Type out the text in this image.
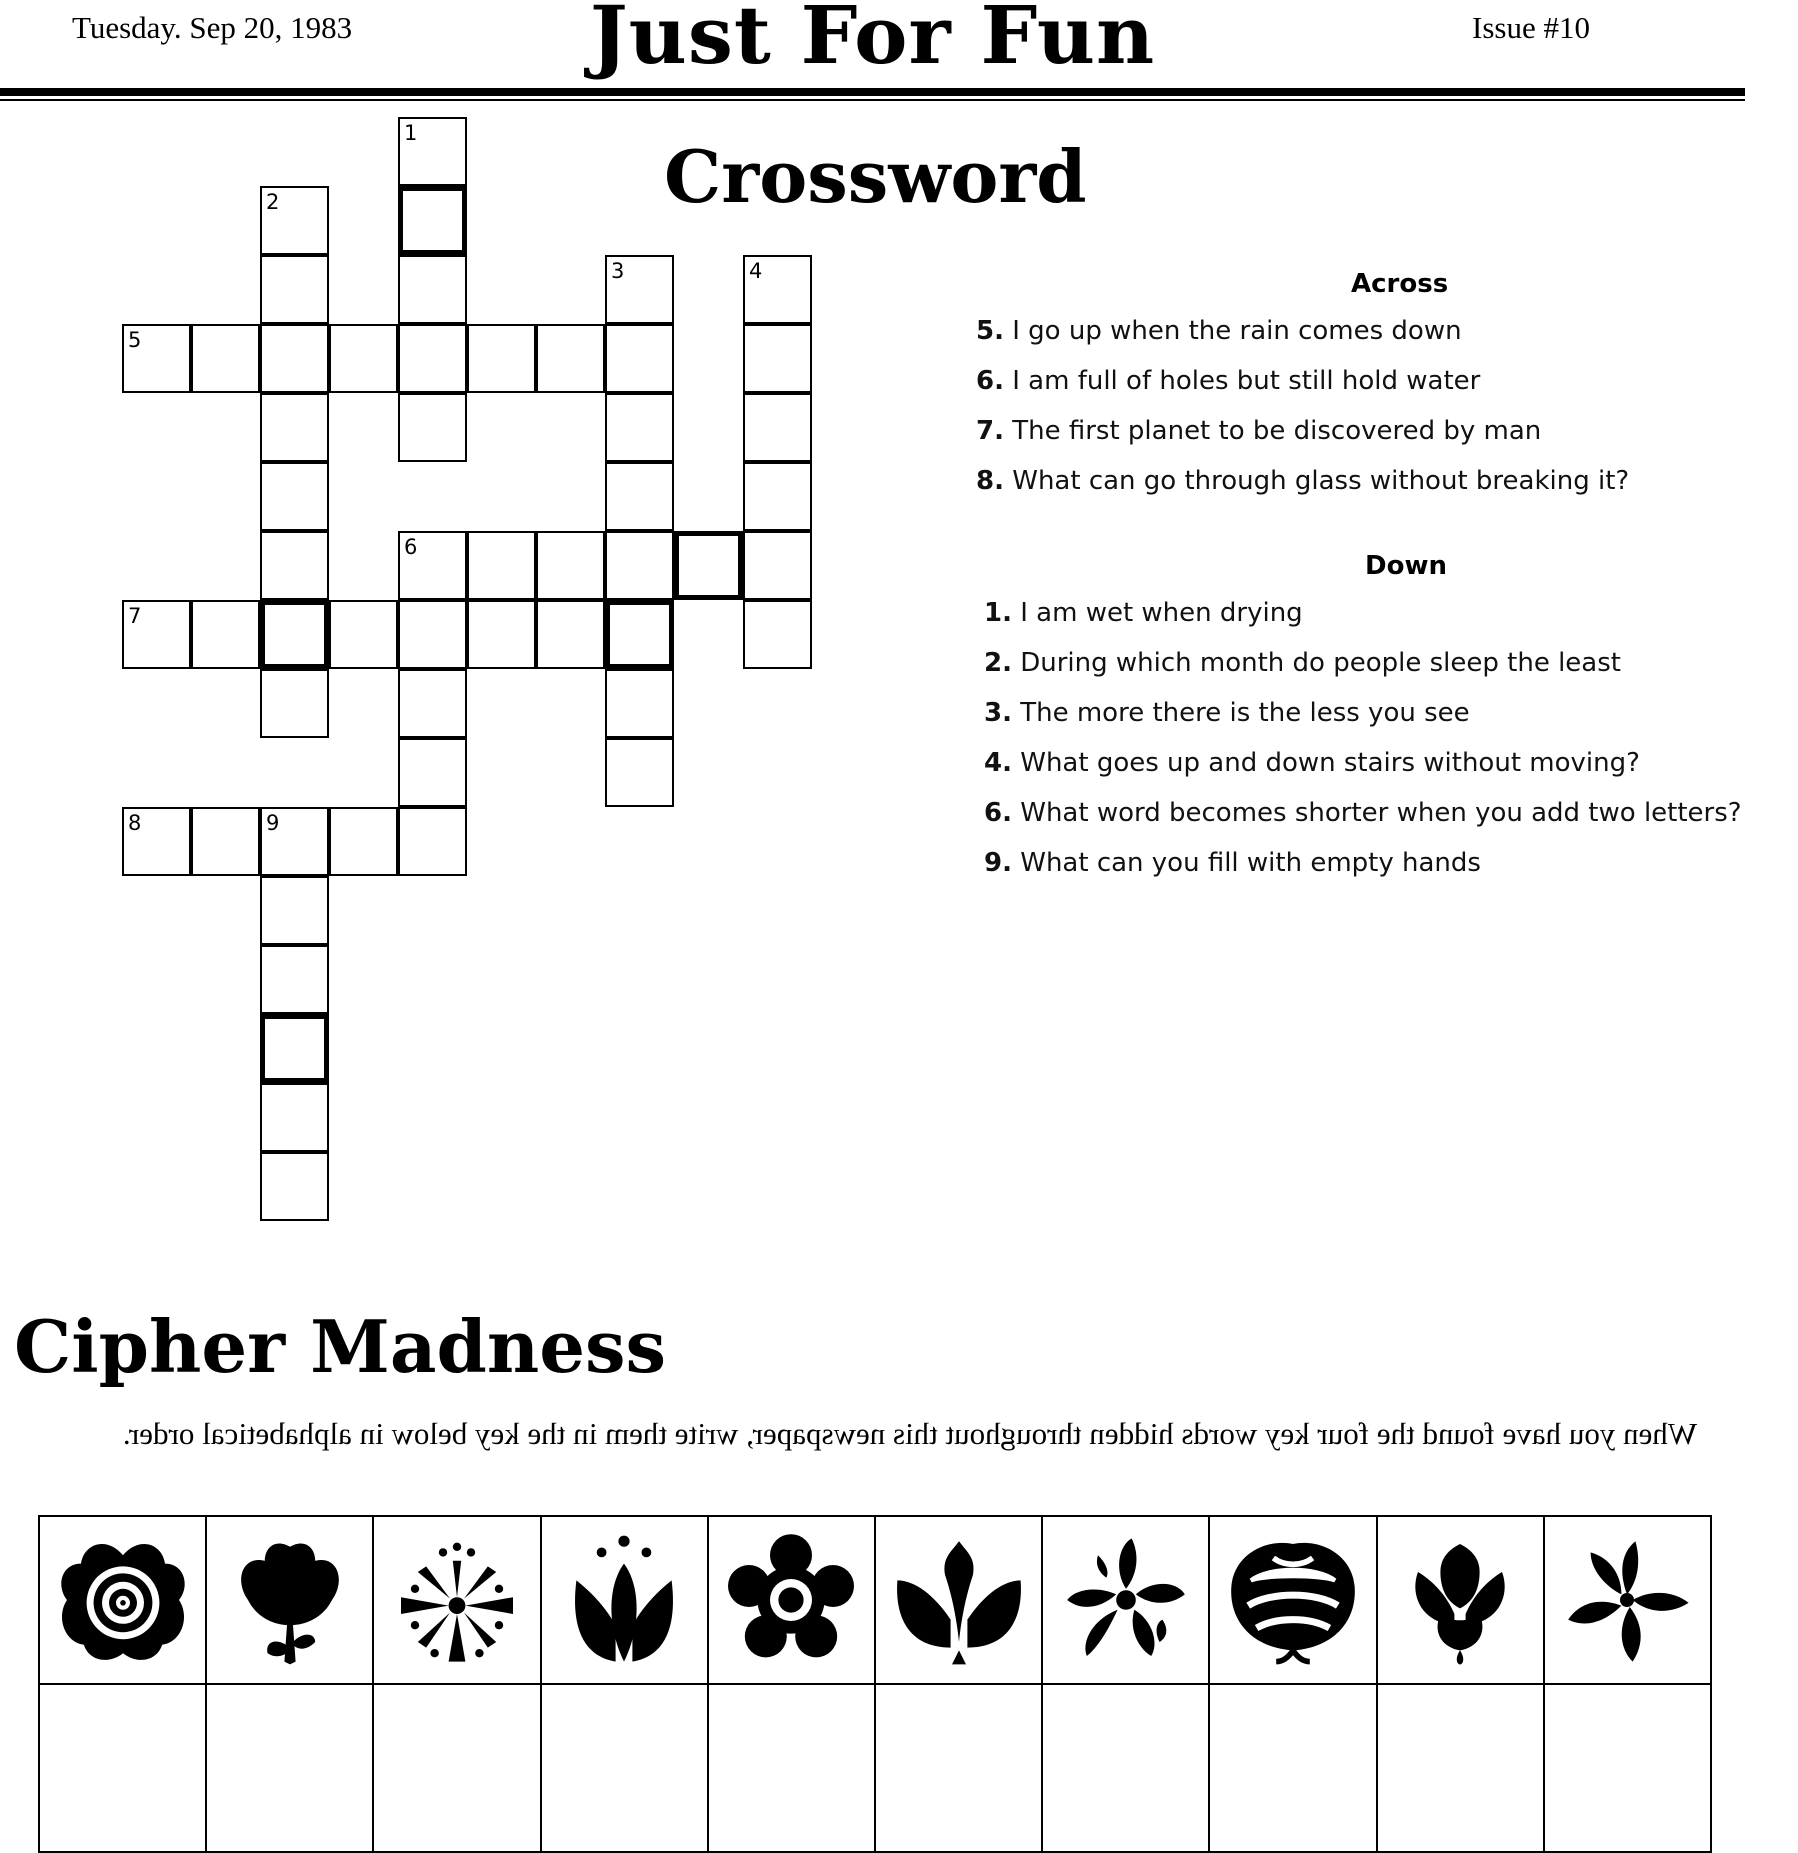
Tuesday. Sep 20, 1983	Just For Fun	Issue #10
5
6
7
8	9
1
2
3	4
Crossword
Across
Down
5. I go up when the rain comes down
6. I am full of holes but still hold water
7. The first planet to be discovered by man
8. What can go through glass without breaking it?
1. I am wet when drying
2. During which month do people sleep the least
3. The more there is the less you see
4. What goes up and down stairs without moving?
6. What word becomes shorter when you add two letters?
9. What can you fill with empty hands
Cipher Madness
When you have found the four key words hidden throughout this newspaper, write them in the key below in alphabetical order.
